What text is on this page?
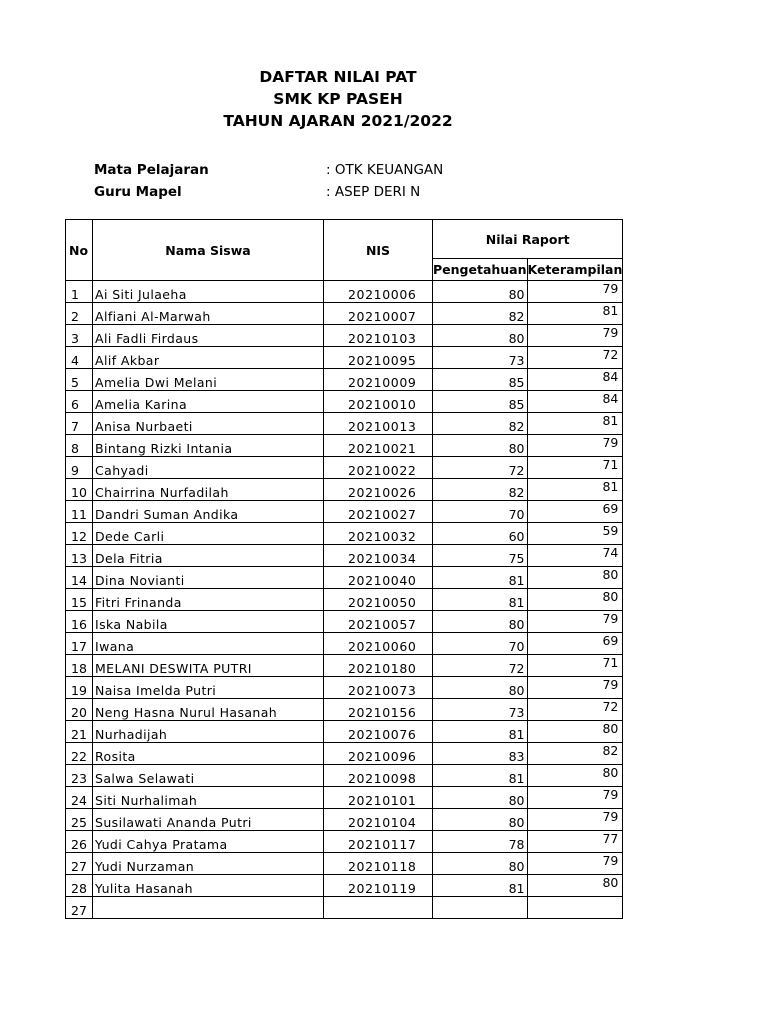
DAFTAR NILAI PAT
SMK KP PASEH
TAHUN AJARAN 2021/2022
Mata Pelajaran	: OTK KEUANGAN
Guru Mapel	: ASEP DERI N
No	Nama Siswa	NIS	Nilai Raport	
			Pengetahuan	Keterampilan
1	Ai Siti Julaeha	20210006	80	79
2	Alfiani Al-Marwah	20210007	82	81
3	Ali Fadli Firdaus	20210103	80	79
4	Alif Akbar	20210095	73	72
5	Amelia Dwi Melani	20210009	85	84
6	Amelia Karina	20210010	85	84
7	Anisa Nurbaeti	20210013	82	81
8	Bintang Rizki Intania	20210021	80	79
9	Cahyadi	20210022	72	71
10	Chairrina Nurfadilah	20210026	82	81
11	Dandri Suman Andika	20210027	70	69
12	Dede Carli	20210032	60	59
13	Dela Fitria	20210034	75	74
14	Dina Novianti	20210040	81	80
15	Fitri Frinanda	20210050	81	80
16	Iska Nabila	20210057	80	79
17	Iwana	20210060	70	69
18	MELANI DESWITA PUTRI	20210180	72	71
19	Naisa Imelda Putri	20210073	80	79
20	Neng Hasna Nurul Hasanah	20210156	73	72
21	Nurhadijah	20210076	81	80
22	Rosita	20210096	83	82
23	Salwa Selawati	20210098	81	80
24	Siti Nurhalimah	20210101	80	79
25	Susilawati Ananda Putri	20210104	80	79
26	Yudi Cahya Pratama	20210117	78	77
27	Yudi Nurzaman	20210118	80	79
28	Yulita Hasanah	20210119	81	80
27				
